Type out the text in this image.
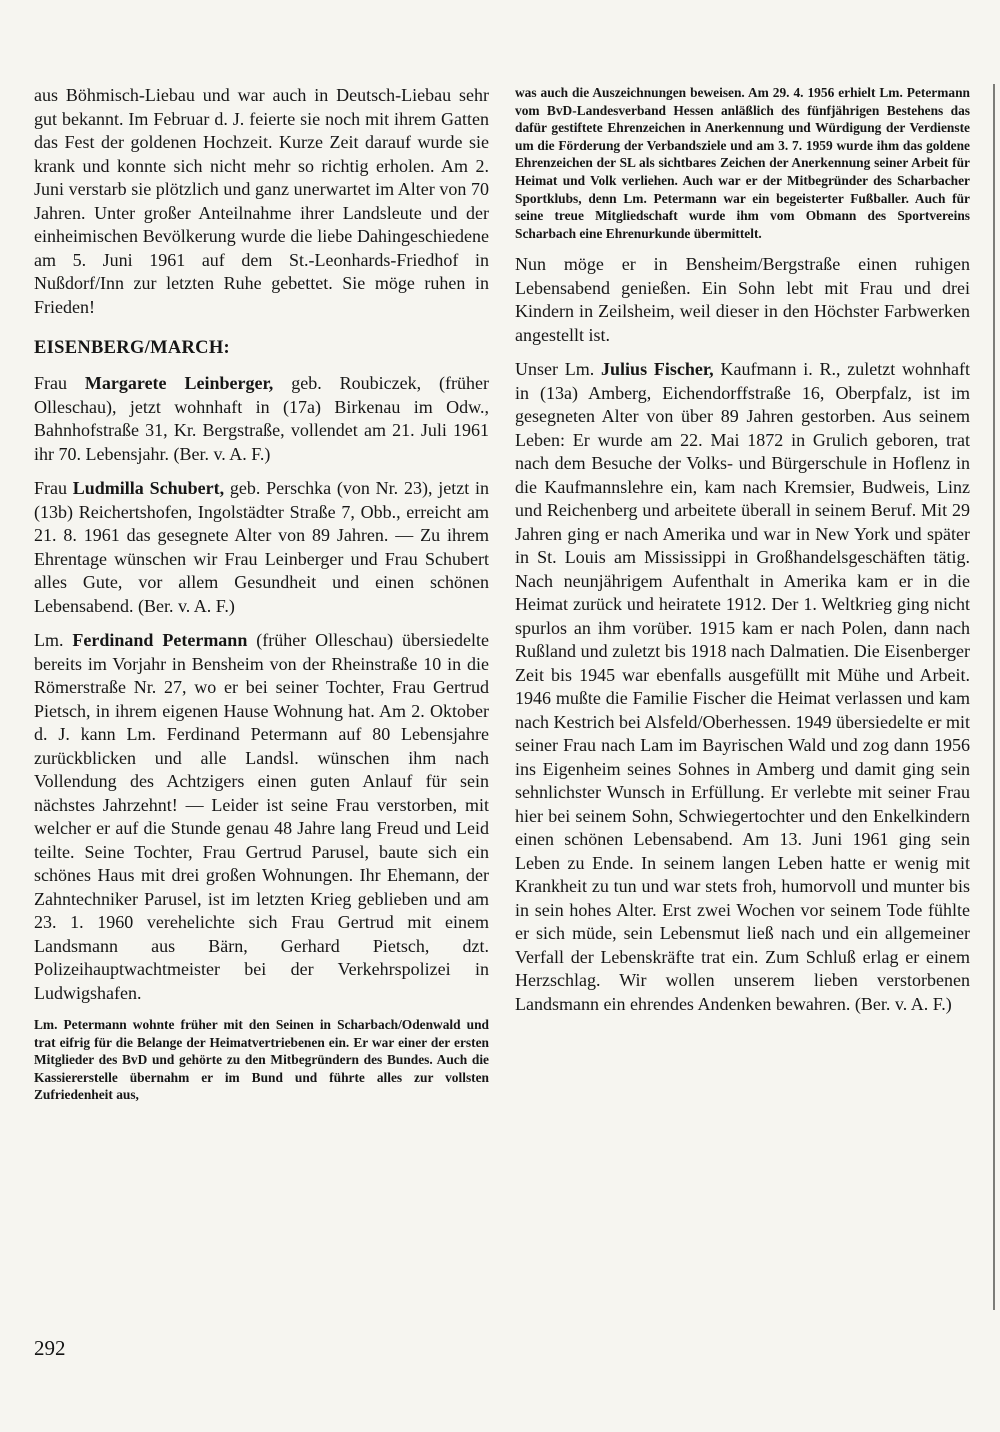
aus Böhmisch-Liebau und war auch in Deutsch-Liebau sehr gut bekannt. Im Februar d. J. feierte sie noch mit ihrem Gatten das Fest der goldenen Hochzeit. Kurze Zeit darauf wurde sie krank und konnte sich nicht mehr so richtig erholen. Am 2. Juni verstarb sie plötzlich und ganz unerwartet im Alter von 70 Jahren. Unter großer Anteilnahme ihrer Landsleute und der einheimischen Bevölkerung wurde die liebe Dahingeschiedene am 5. Juni 1961 auf dem St.-Leonhards-Friedhof in Nußdorf/Inn zur letzten Ruhe gebettet. Sie möge ruhen in Frieden!

EISENBERG/MARCH:

Frau Margarete Leinberger, geb. Roubiczek, (früher Olleschau), jetzt wohnhaft in (17a) Birkenau im Odw., Bahnhofstraße 31, Kr. Bergstraße, vollendet am 21. Juli 1961 ihr 70. Lebensjahr. (Ber. v. A. F.)

Frau Ludmilla Schubert, geb. Perschka (von Nr. 23), jetzt in (13b) Reichertshofen, Ingolstädter Straße 7, Obb., erreicht am 21. 8. 1961 das gesegnete Alter von 89 Jahren. — Zu ihrem Ehrentage wünschen wir Frau Leinberger und Frau Schubert alles Gute, vor allem Gesundheit und einen schönen Lebensabend. (Ber. v. A. F.)

Lm. Ferdinand Petermann (früher Olleschau) übersiedelte bereits im Vorjahr in Bensheim von der Rheinstraße 10 in die Römerstraße Nr. 27, wo er bei seiner Tochter, Frau Gertrud Pietsch, in ihrem eigenen Hause Wohnung hat. Am 2. Oktober d. J. kann Lm. Ferdinand Petermann auf 80 Lebensjahre zurückblicken und alle Landsl. wünschen ihm nach Vollendung des Achtzigers einen guten Anlauf für sein nächstes Jahrzehnt! — Leider ist seine Frau verstorben, mit welcher er auf die Stunde genau 48 Jahre lang Freud und Leid teilte. Seine Tochter, Frau Gertrud Parusel, baute sich ein schönes Haus mit drei großen Wohnungen. Ihr Ehemann, der Zahntechniker Parusel, ist im letzten Krieg geblieben und am 23. 1. 1960 verehelichte sich Frau Gertrud mit einem Landsmann aus Bärn, Gerhard Pietsch, dzt. Polizeihauptwachtmeister bei der Verkehrspolizei in Ludwigshafen.

Lm. Petermann wohnte früher mit den Seinen in Scharbach/Odenwald und trat eifrig für die Belange der Heimatvertriebenen ein. Er war einer der ersten Mitglieder des BvD und gehörte zu den Mitbegründern des Bundes. Auch die Kassiererstelle übernahm er im Bund und führte alles zur vollsten Zufriedenheit aus,

was auch die Auszeichnungen beweisen. Am 29. 4. 1956 erhielt Lm. Petermann vom BvD-Landesverband Hessen anläßlich des fünfjährigen Bestehens das dafür gestiftete Ehrenzeichen in Anerkennung und Würdigung der Verdienste um die Förderung der Verbandsziele und am 3. 7. 1959 wurde ihm das goldene Ehrenzeichen der SL als sichtbares Zeichen der Anerkennung seiner Arbeit für Heimat und Volk verliehen. Auch war er der Mitbegründer des Scharbacher Sportklubs, denn Lm. Petermann war ein begeisterter Fußballer. Auch für seine treue Mitgliedschaft wurde ihm vom Obmann des Sportvereins Scharbach eine Ehrenurkunde übermittelt.

Nun möge er in Bensheim/Bergstraße einen ruhigen Lebensabend genießen. Ein Sohn lebt mit Frau und drei Kindern in Zeilsheim, weil dieser in den Höchster Farbwerken angestellt ist.

Unser Lm. Julius Fischer, Kaufmann i. R., zuletzt wohnhaft in (13a) Amberg, Eichendorffstraße 16, Oberpfalz, ist im gesegneten Alter von über 89 Jahren gestorben. Aus seinem Leben: Er wurde am 22. Mai 1872 in Grulich geboren, trat nach dem Besuche der Volks- und Bürgerschule in Hoflenz in die Kaufmannslehre ein, kam nach Kremsier, Budweis, Linz und Reichenberg und arbeitete überall in seinem Beruf. Mit 29 Jahren ging er nach Amerika und war in New York und später in St. Louis am Mississippi in Großhandelsgeschäften tätig. Nach neunjährigem Aufenthalt in Amerika kam er in die Heimat zurück und heiratete 1912. Der 1. Weltkrieg ging nicht spurlos an ihm vorüber. 1915 kam er nach Polen, dann nach Rußland und zuletzt bis 1918 nach Dalmatien. Die Eisenberger Zeit bis 1945 war ebenfalls ausgefüllt mit Mühe und Arbeit. 1946 mußte die Familie Fischer die Heimat verlassen und kam nach Kestrich bei Alsfeld/Oberhessen. 1949 übersiedelte er mit seiner Frau nach Lam im Bayrischen Wald und zog dann 1956 ins Eigenheim seines Sohnes in Amberg und damit ging sein sehnlichster Wunsch in Erfüllung. Er verlebte mit seiner Frau hier bei seinem Sohn, Schwiegertochter und den Enkelkindern einen schönen Lebensabend. Am 13. Juni 1961 ging sein Leben zu Ende. In seinem langen Leben hatte er wenig mit Krankheit zu tun und war stets froh, humorvoll und munter bis in sein hohes Alter. Erst zwei Wochen vor seinem Tode fühlte er sich müde, sein Lebensmut ließ nach und ein allgemeiner Verfall der Lebenskräfte trat ein. Zum Schluß erlag er einem Herzschlag. Wir wollen unserem lieben verstorbenen Landsmann ein ehrendes Andenken bewahren. (Ber. v. A. F.)

292
